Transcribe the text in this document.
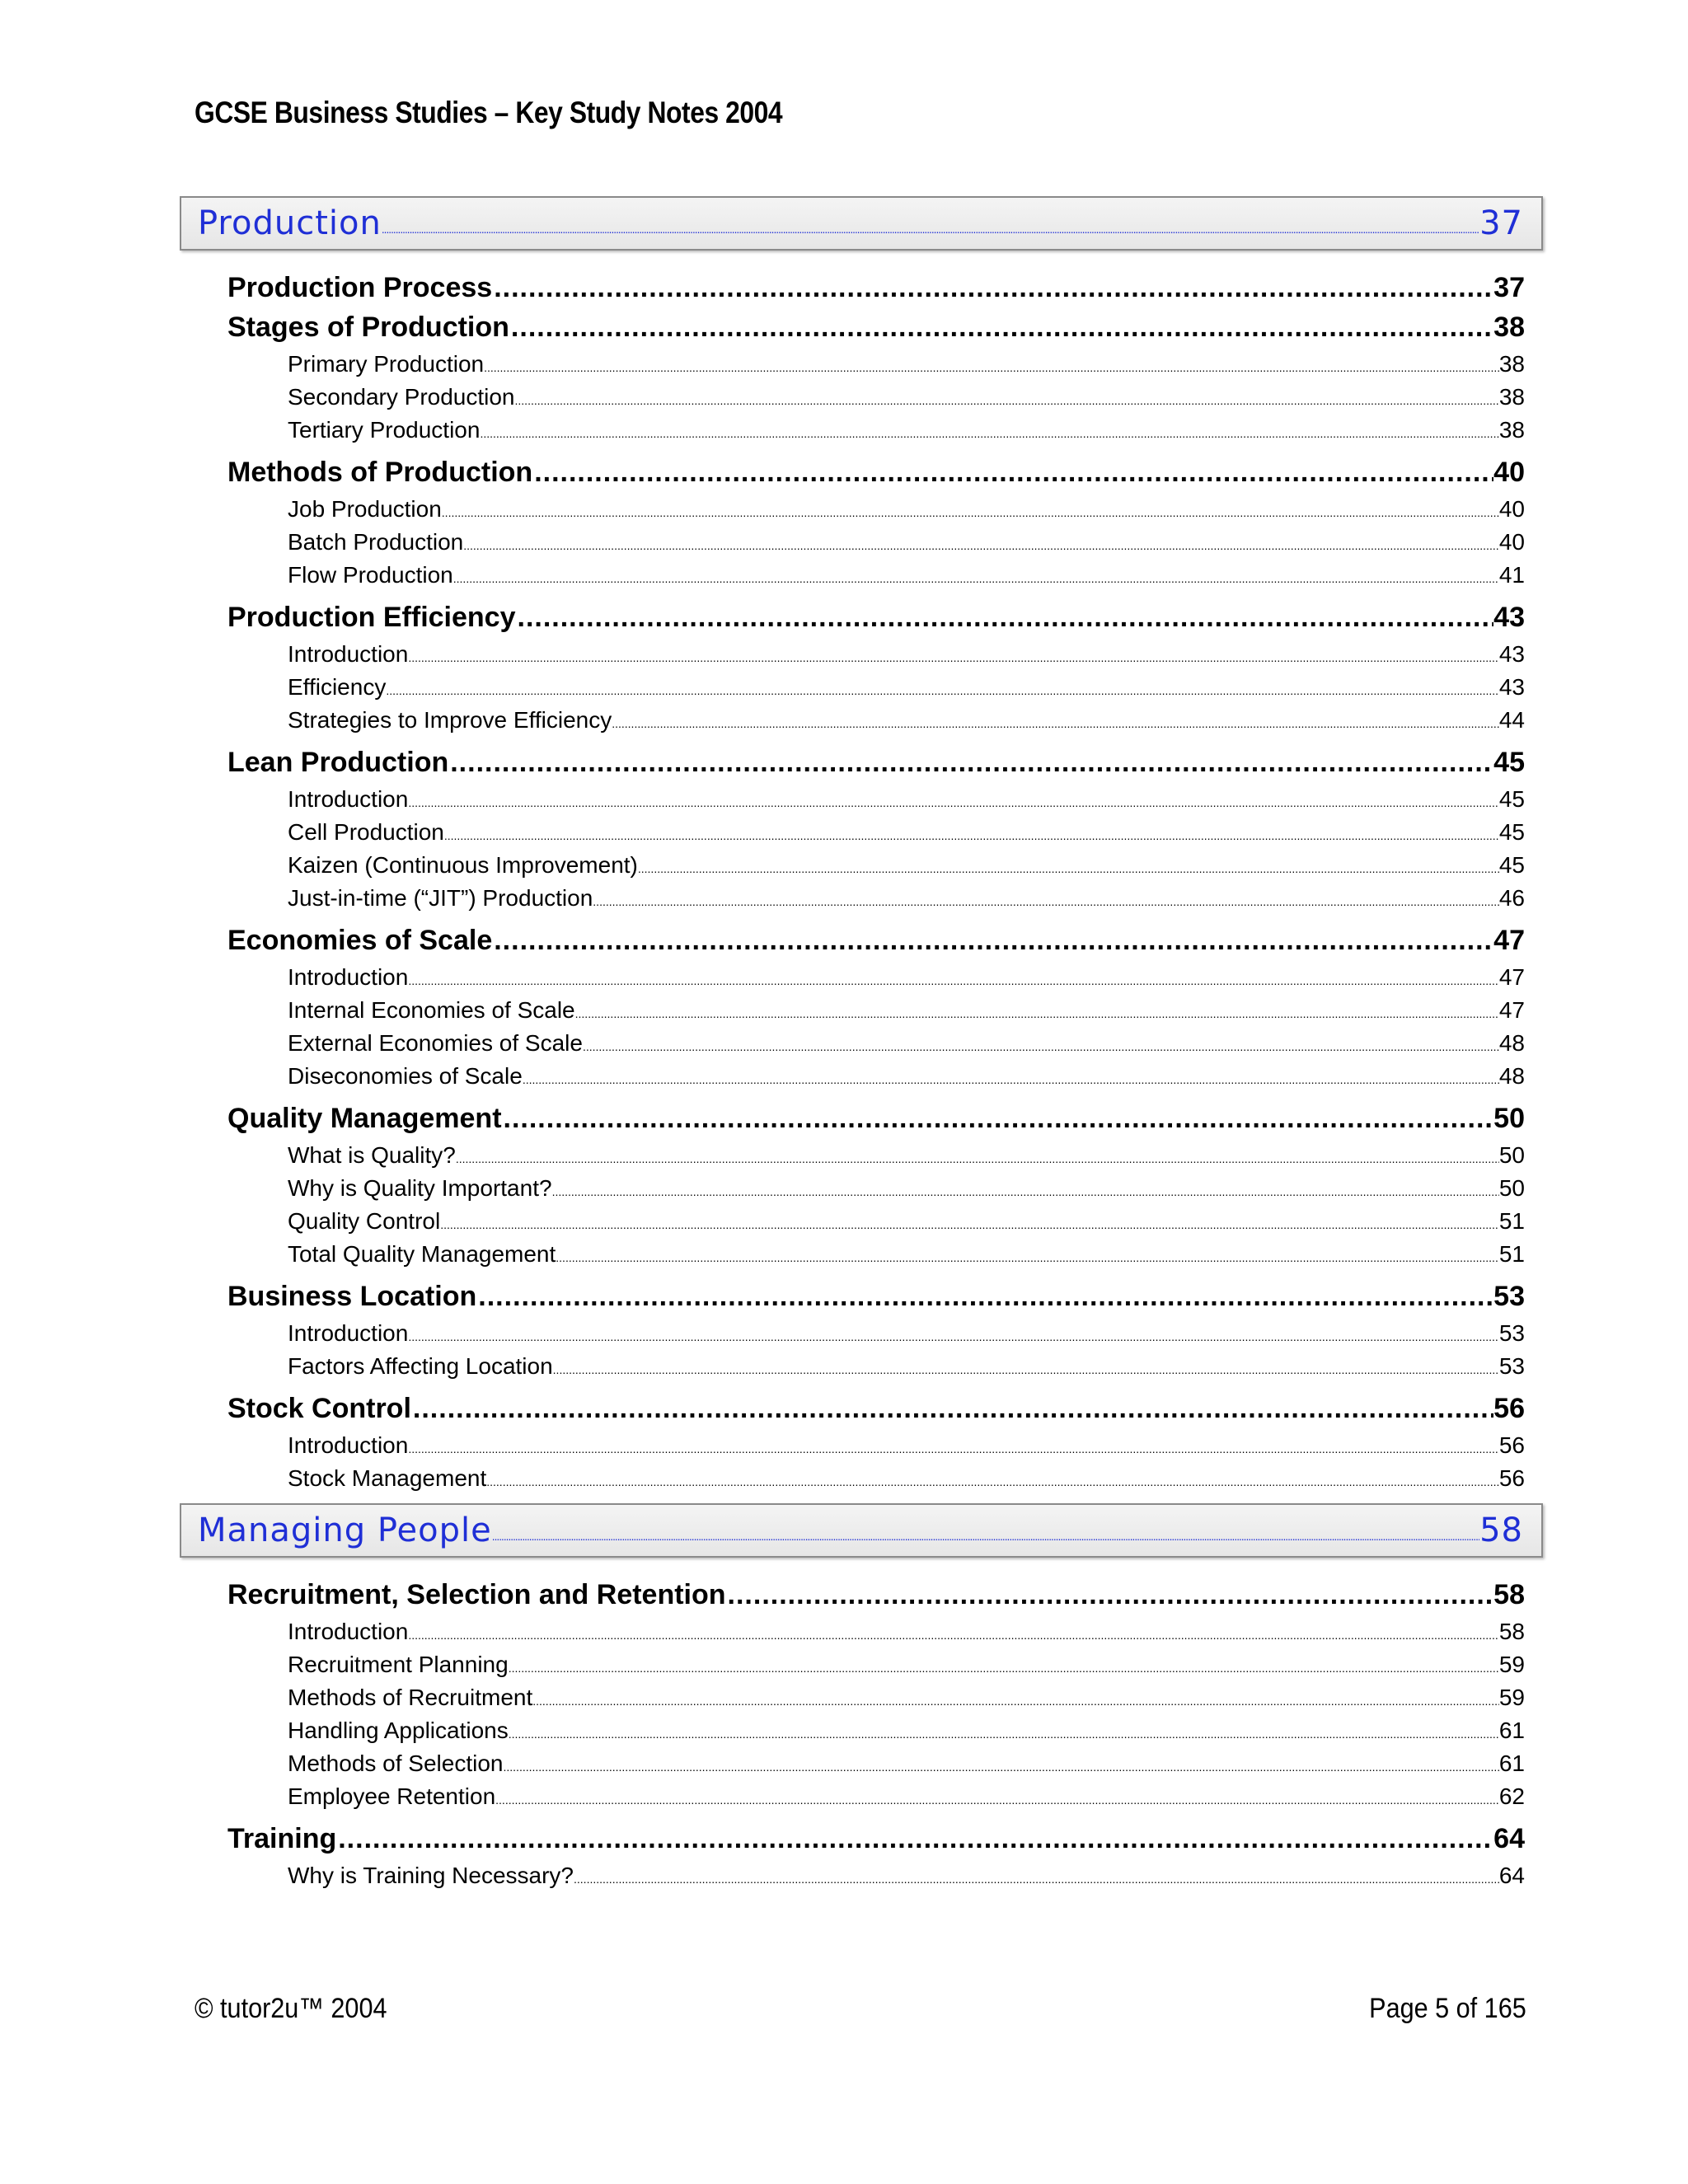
GCSE Business Studies – Key Study Notes 2004
Production .....	37
Production Process .....	37
Stages of Production .....	38
Primary Production .....	38
Secondary Production .....	38
Tertiary Production .....	38
Methods of Production .....	40
Job Production .....	40
Batch Production .....	40
Flow Production .....	41
Production Efficiency .....	43
Introduction .....	43
Efficiency .....	43
Strategies to Improve Efficiency .....	44
Lean Production .....	45
Introduction .....	45
Cell Production .....	45
Kaizen (Continuous Improvement) .....	45
Just-in-time (“JIT”) Production .....	46
Economies of Scale .....	47
Introduction .....	47
Internal Economies of Scale .....	47
External Economies of Scale .....	48
Diseconomies of Scale .....	48
Quality Management .....	50
What is Quality? .....	50
Why is Quality Important? .....	50
Quality Control .....	51
Total Quality Management .....	51
Business Location .....	53
Introduction .....	53
Factors Affecting Location .....	53
Stock Control .....	56
Introduction .....	56
Stock Management .....	56
Managing People .....	58
Recruitment, Selection and Retention .....	58
Introduction .....	58
Recruitment Planning .....	59
Methods of Recruitment .....	59
Handling Applications .....	61
Methods of Selection .....	61
Employee Retention .....	62
Training .....	64
Why is Training Necessary? .....	64
© tutor2u™ 2004	Page 5 of 165
